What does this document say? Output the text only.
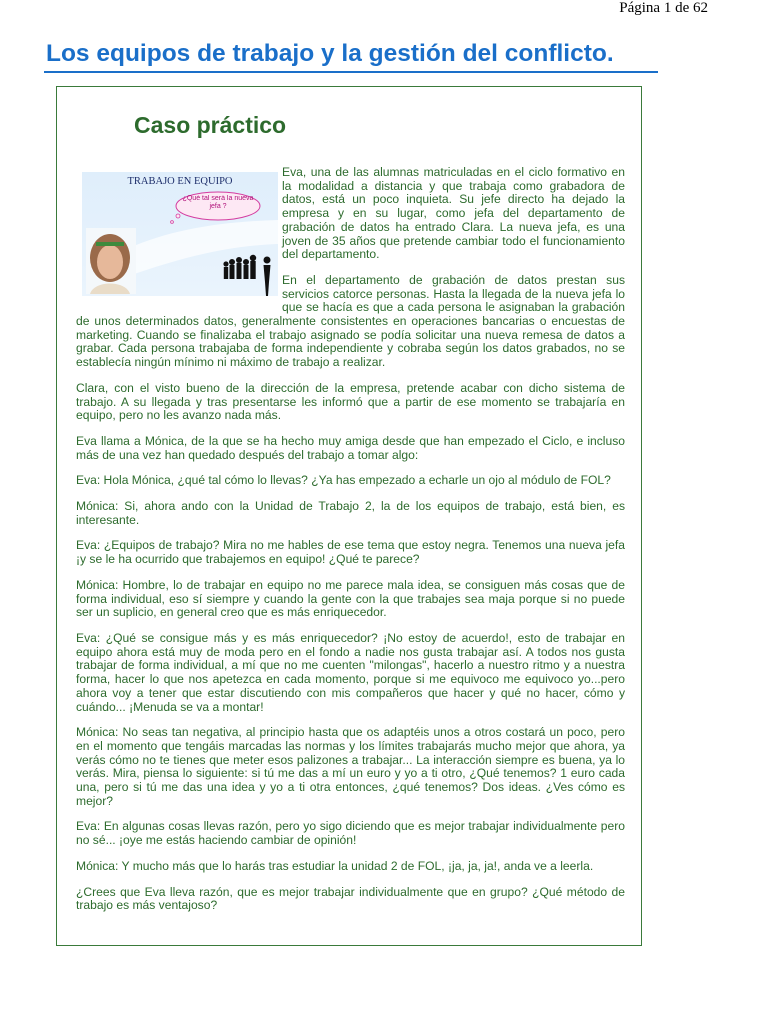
Página 1 de 62
Los equipos de trabajo y la gestión del conflicto.
Caso práctico
TRABAJO EN EQUIPO
¿Qué tal será la nueva jefa ?

Eva, una de las alumnas matriculadas en el ciclo formativo en la modalidad a distancia y que trabaja como grabadora de datos, está un poco inquieta. Su jefe directo ha dejado la empresa y en su lugar, como jefa del departamento de grabación de datos ha entrado Clara. La nueva jefa, es una joven de 35 años que pretende cambiar todo el funcionamiento del departamento.

En el departamento de grabación de datos prestan sus servicios catorce personas. Hasta la llegada de la nueva jefa lo que se hacía es que a cada persona le asignaban la grabación de unos determinados datos, generalmente consistentes en operaciones bancarias o encuestas de marketing. Cuando se finalizaba el trabajo asignado se podía solicitar una nueva remesa de datos a grabar. Cada persona trabajaba de forma independiente y cobraba según los datos grabados, no se establecía ningún mínimo ni máximo de trabajo a realizar.

Clara, con el visto bueno de la dirección de la empresa, pretende acabar con dicho sistema de trabajo. A su llegada y tras presentarse les informó que a partir de ese momento se trabajaría en equipo, pero no les avanzo nada más.

Eva llama a Mónica, de la que se ha hecho muy amiga desde que han empezado el Ciclo, e incluso más de una vez han quedado después del trabajo a tomar algo:

Eva: Hola Mónica, ¿qué tal cómo lo llevas? ¿Ya has empezado a echarle un ojo al módulo de FOL?

Mónica: Si, ahora ando con la Unidad de Trabajo 2, la de los equipos de trabajo, está bien, es interesante.

Eva: ¿Equipos de trabajo? Mira no me hables de ese tema que estoy negra. Tenemos una nueva jefa ¡y se le ha ocurrido que trabajemos en equipo! ¿Qué te parece?

Mónica: Hombre, lo de trabajar en equipo no me parece mala idea, se consiguen más cosas que de forma individual, eso sí siempre y cuando la gente con la que trabajes sea maja porque si no puede ser un suplicio, en general creo que es más enriquecedor.

Eva: ¿Qué se consigue más y es más enriquecedor? ¡No estoy de acuerdo!, esto de trabajar en equipo ahora está muy de moda pero en el fondo a nadie nos gusta trabajar así. A todos nos gusta trabajar de forma individual, a mí que no me cuenten "milongas", hacerlo a nuestro ritmo y a nuestra forma, hacer lo que nos apetezca en cada momento, porque si me equivoco me equivoco yo...pero ahora voy a tener que estar discutiendo con mis compañeros que hacer y qué no hacer, cómo y cuándo... ¡Menuda se va a montar!

Mónica: No seas tan negativa, al principio hasta que os adaptéis unos a otros costará un poco, pero en el momento que tengáis marcadas las normas y los límites trabajarás mucho mejor que ahora, ya verás cómo no te tienes que meter esos palizones a trabajar... La interacción siempre es buena, ya lo verás. Mira, piensa lo siguiente: si tú me das a mí un euro y yo a ti otro, ¿Qué tenemos? 1 euro cada una, pero si tú me das una idea y yo a ti otra entonces, ¿qué tenemos? Dos ideas. ¿Ves cómo es mejor?

Eva: En algunas cosas llevas razón, pero yo sigo diciendo que es mejor trabajar individualmente pero no sé... ¡oye me estás haciendo cambiar de opinión!

Mónica: Y mucho más que lo harás tras estudiar la unidad 2 de FOL, ¡ja, ja, ja!, anda ve a leerla.

¿Crees que Eva lleva razón, que es mejor trabajar individualmente que en grupo? ¿Qué método de trabajo es más ventajoso?
